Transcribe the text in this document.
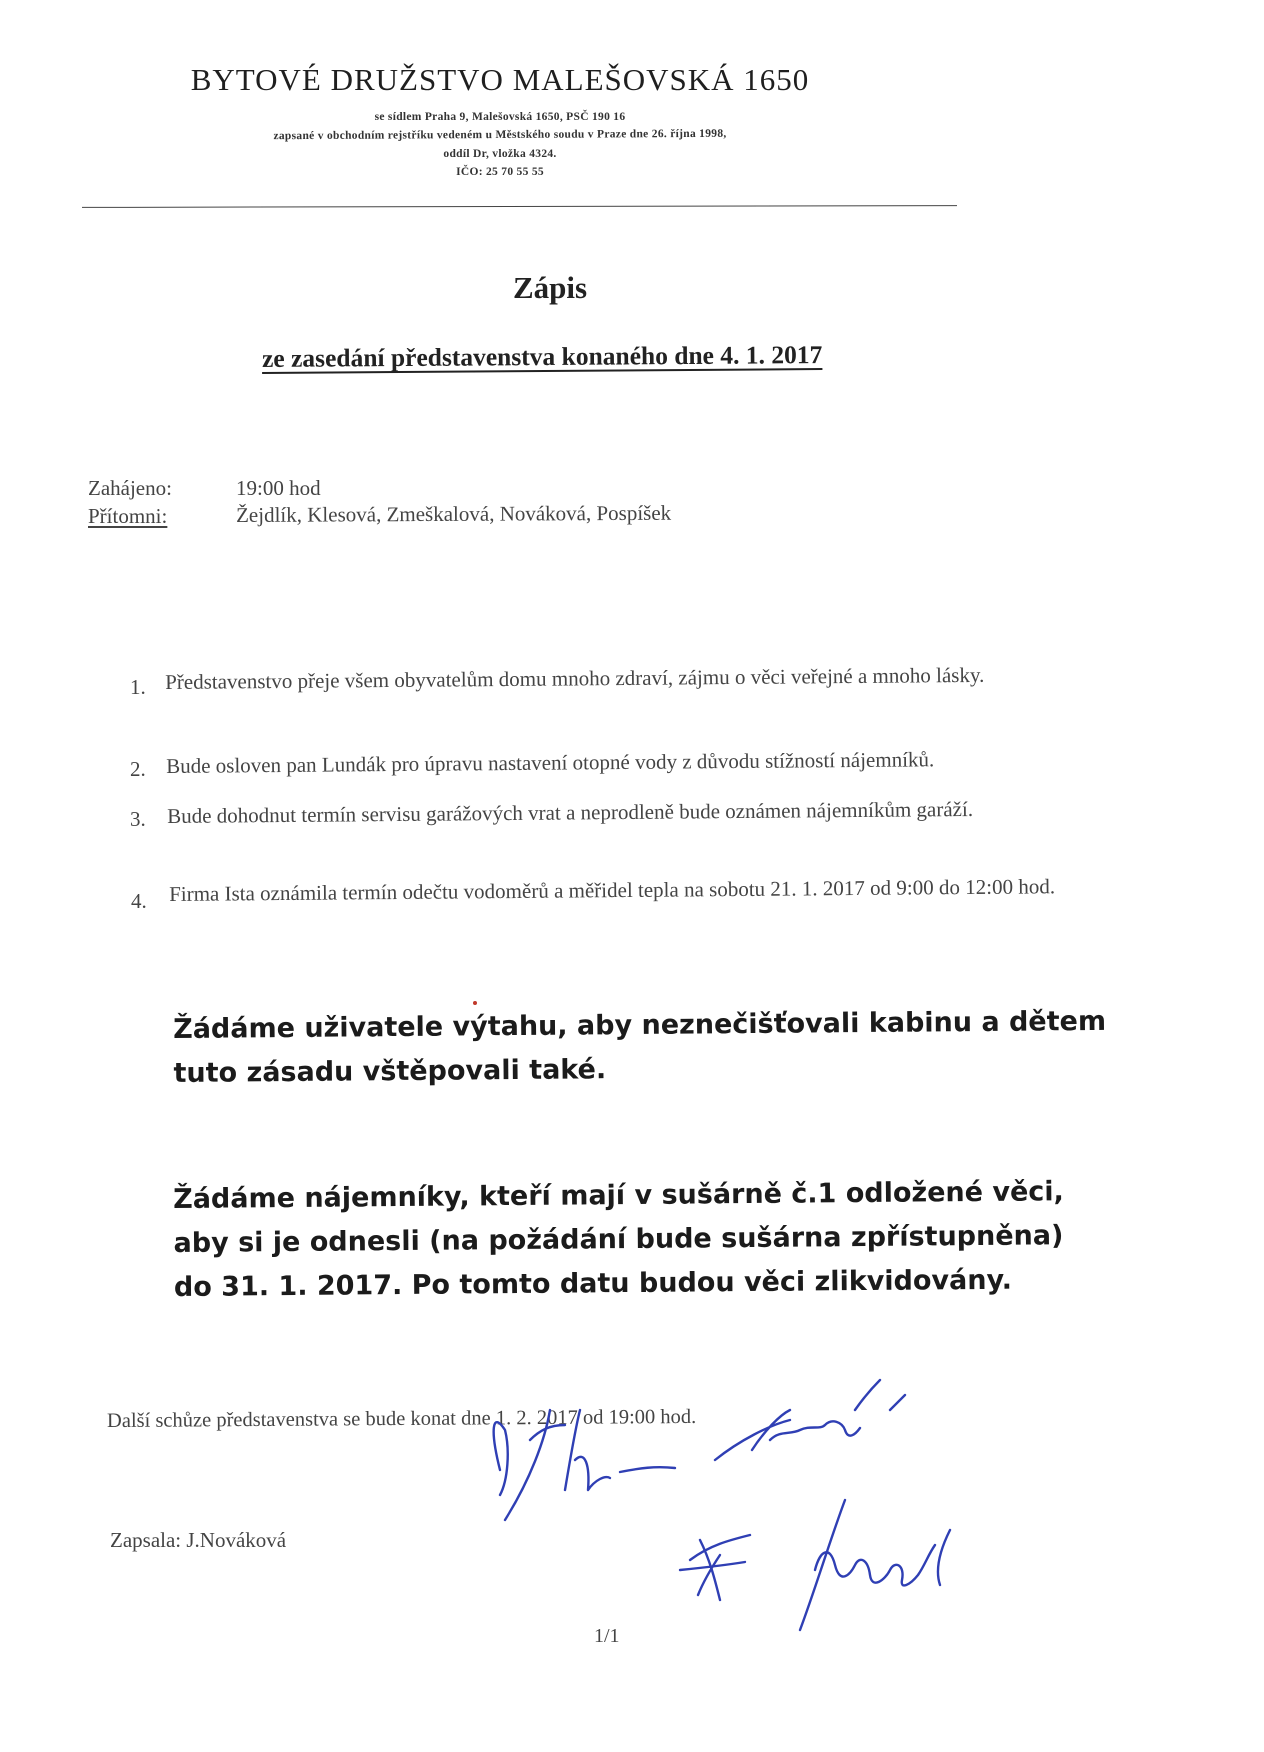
BYTOVÉ DRUŽSTVO MALEŠOVSKÁ 1650
se sídlem Praha 9, Malešovská 1650, PSČ 190 16
zapsané v obchodním rejstříku vedeném u Městského soudu v Praze dne 26. října 1998,
oddíl Dr, vložka 4324.
IČO: 25 70 55 55
Zápis
ze zasedání představenstva konaného dne 4. 1. 2017
Zahájeno:	19:00 hod
Přítomni:	Žejdlík, Klesová, Zmeškalová, Nováková, Pospíšek
1. Představenstvo přeje všem obyvatelům domu mnoho zdraví, zájmu o věci veřejné a mnoho lásky.
2. Bude osloven pan Lundák pro úpravu nastavení otopné vody z důvodu stížností nájemníků.
3. Bude dohodnut termín servisu garážových vrat a neprodleně bude oznámen nájemníkům garáží.
4. Firma Ista oznámila termín odečtu vodoměrů a měřidel tepla na sobotu 21. 1. 2017 od 9:00 do 12:00 hod.
Žádáme uživatele výtahu, aby neznečišťovali kabinu a dětem tuto zásadu vštěpovali také.
Žádáme nájemníky, kteří mají v sušárně č.1 odložené věci, aby si je odnesli (na požádání bude sušárna zpřístupněna) do 31. 1. 2017. Po tomto datu budou věci zlikvidovány.
Další schůze představenstva se bude konat dne 1. 2. 2017 od 19:00 hod.
Zapsala: J.Nováková
1/1
